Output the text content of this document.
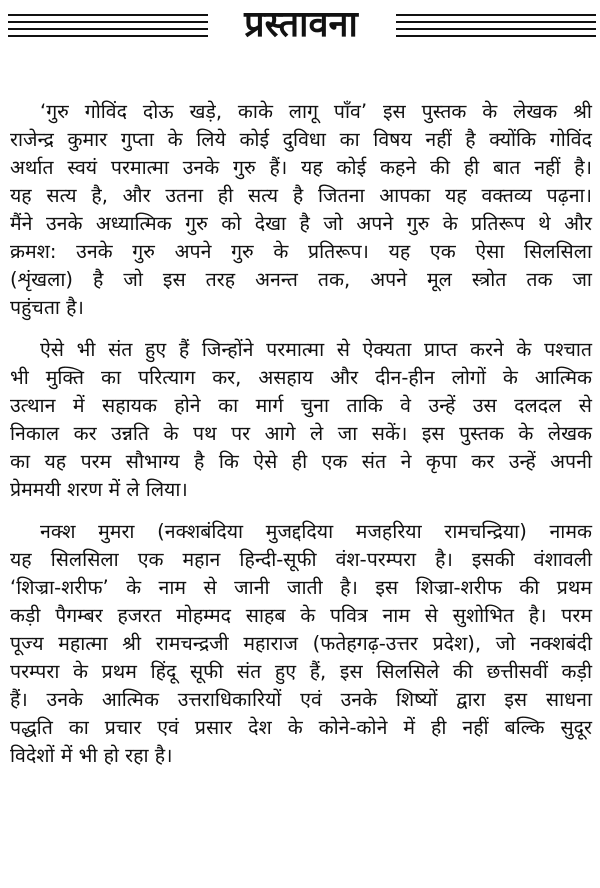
प्रस्तावना

‘गुरु गोविंद दोऊ खड़े, काके लागू पाँव’ इस पुस्तक के लेखक श्री
राजेन्द्र कुमार गुप्ता के लिये कोई दुविधा का विषय नहीं है क्योंकि गोविंद
अर्थात स्वयं परमात्मा उनके गुरु हैं। यह कोई कहने की ही बात नहीं है।
यह सत्य है, और उतना ही सत्य है जितना आपका यह वक्तव्य पढ़ना।
मैंने उनके अध्यात्मिक गुरु को देखा है जो अपने गुरु के प्रतिरूप थे और
क्रमश: उनके गुरु अपने गुरु के प्रतिरूप। यह एक ऐसा सिलसिला
(शृंखला) है जो इस तरह अनन्त तक, अपने मूल स्त्रोत तक जा
पहुंचता है।

ऐसे भी संत हुए हैं जिन्होंने परमात्मा से ऐक्यता प्राप्त करने के पश्चात
भी मुक्ति का परित्याग कर, असहाय और दीन-हीन लोगों के आत्मिक
उत्थान में सहायक होने का मार्ग चुना ताकि वे उन्हें उस दलदल से
निकाल कर उन्नति के पथ पर आगे ले जा सकें। इस पुस्तक के लेखक
का यह परम सौभाग्य है कि ऐसे ही एक संत ने कृपा कर उन्हें अपनी
प्रेममयी शरण में ले लिया।

नक्श मुमरा (नक्शबंदिया मुजद्ददिया मजहरिया रामचन्द्रिया) नामक
यह सिलसिला एक महान हिन्दी-सूफी वंश-परम्परा है। इसकी वंशावली
‘शिज्रा-शरीफ’ के नाम से जानी जाती है। इस शिज्रा-शरीफ की प्रथम
कड़ी पैगम्बर हजरत मोहम्मद साहब के पवित्र नाम से सुशोभित है। परम
पूज्य महात्मा श्री रामचन्द्रजी महाराज (फतेहगढ़-उत्तर प्रदेश), जो नक्शबंदी
परम्परा के प्रथम हिंदू सूफी संत हुए हैं, इस सिलसिले की छत्तीसवीं कड़ी
हैं। उनके आत्मिक उत्तराधिकारियों एवं उनके शिष्यों द्वारा इस साधना
पद्धति का प्रचार एवं प्रसार देश के कोने-कोने में ही नहीं बल्कि सुदूर
विदेशों में भी हो रहा है।
